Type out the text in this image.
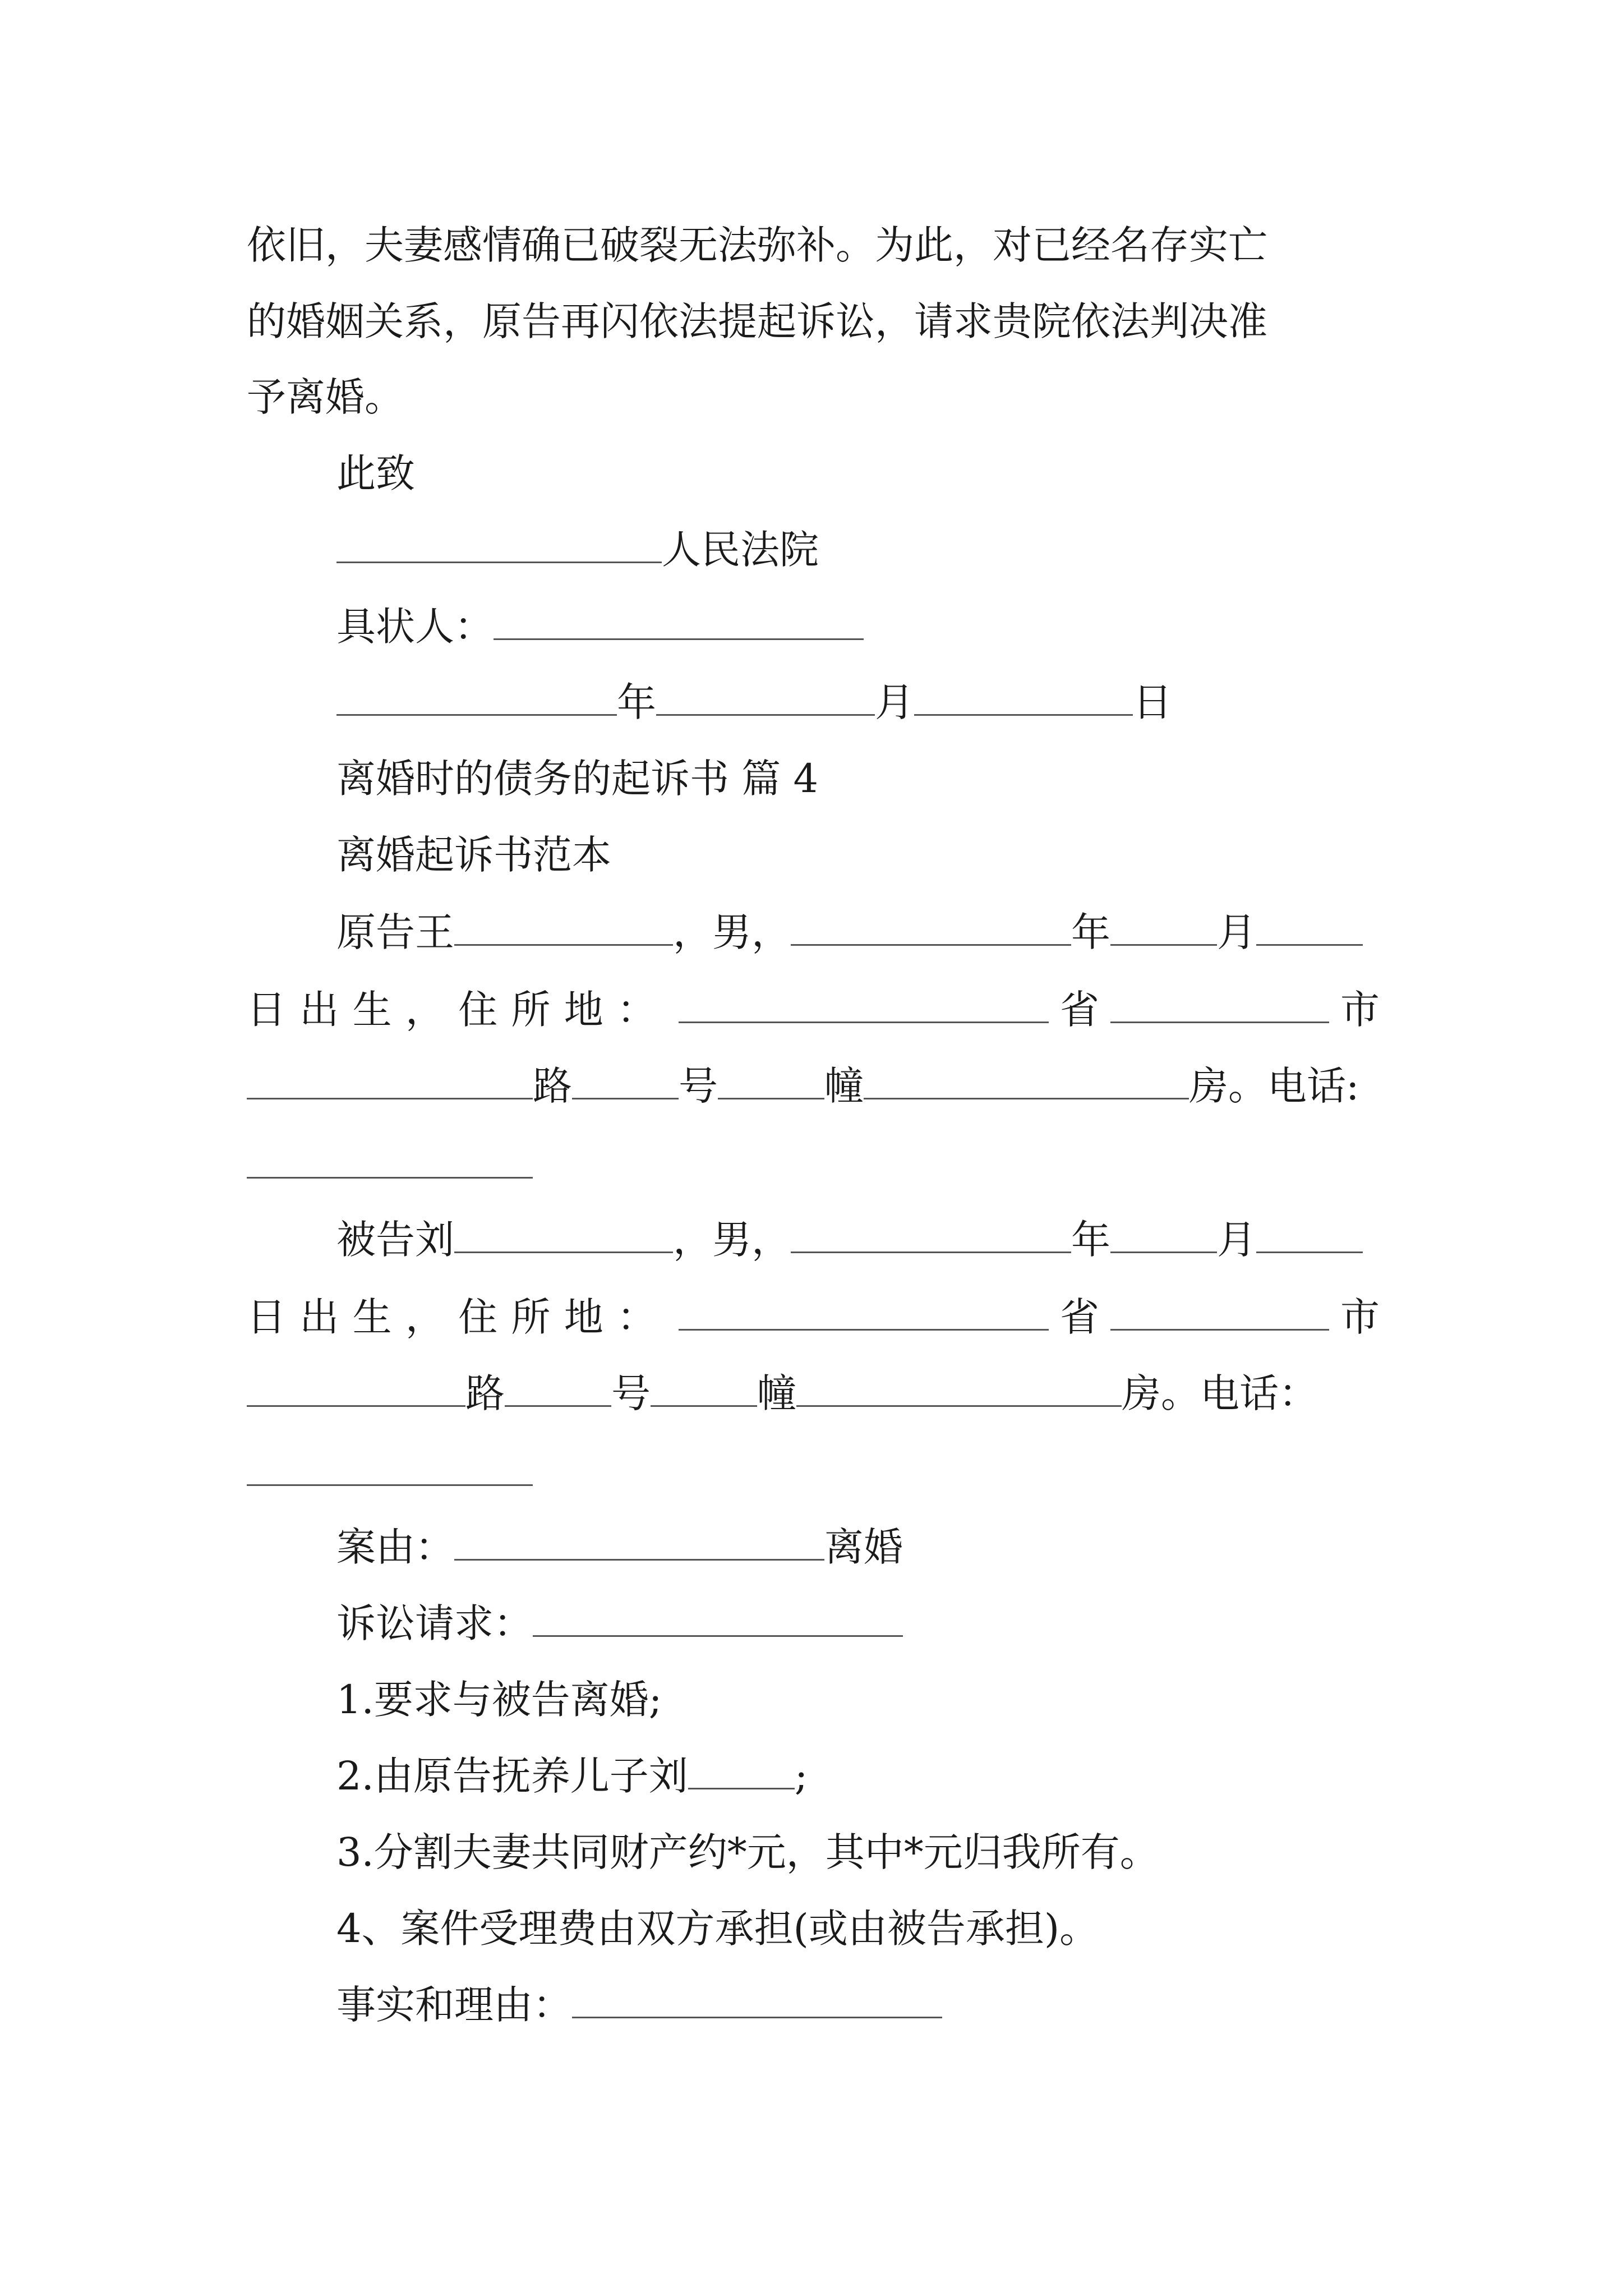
依旧，夫妻感情确已破裂无法弥补。为此，对已经名存实亡
的婚姻关系，原告再闪依法提起诉讼，请求贵院依法判决准
予离婚。
此致
人民法院
具状人：
年	月	日
离婚时的债务的起诉书 篇 4
离婚起诉书范本
原告王	，男，	年	月
日 出 生 ， 住 所 地 ：	省	市
路	号	幢	房。电话:
被告刘	，男，	年	月
日 出 生 ， 住 所 地 ：	省	市
路	号	幢	房。电话：
案由：	离婚
诉讼请求：
1.要求与被告离婚;
2.由原告抚养儿子刘	;
3.分割夫妻共同财产约*元，其中*元归我所有。
4、案件受理费由双方承担(或由被告承担)。
事实和理由：
